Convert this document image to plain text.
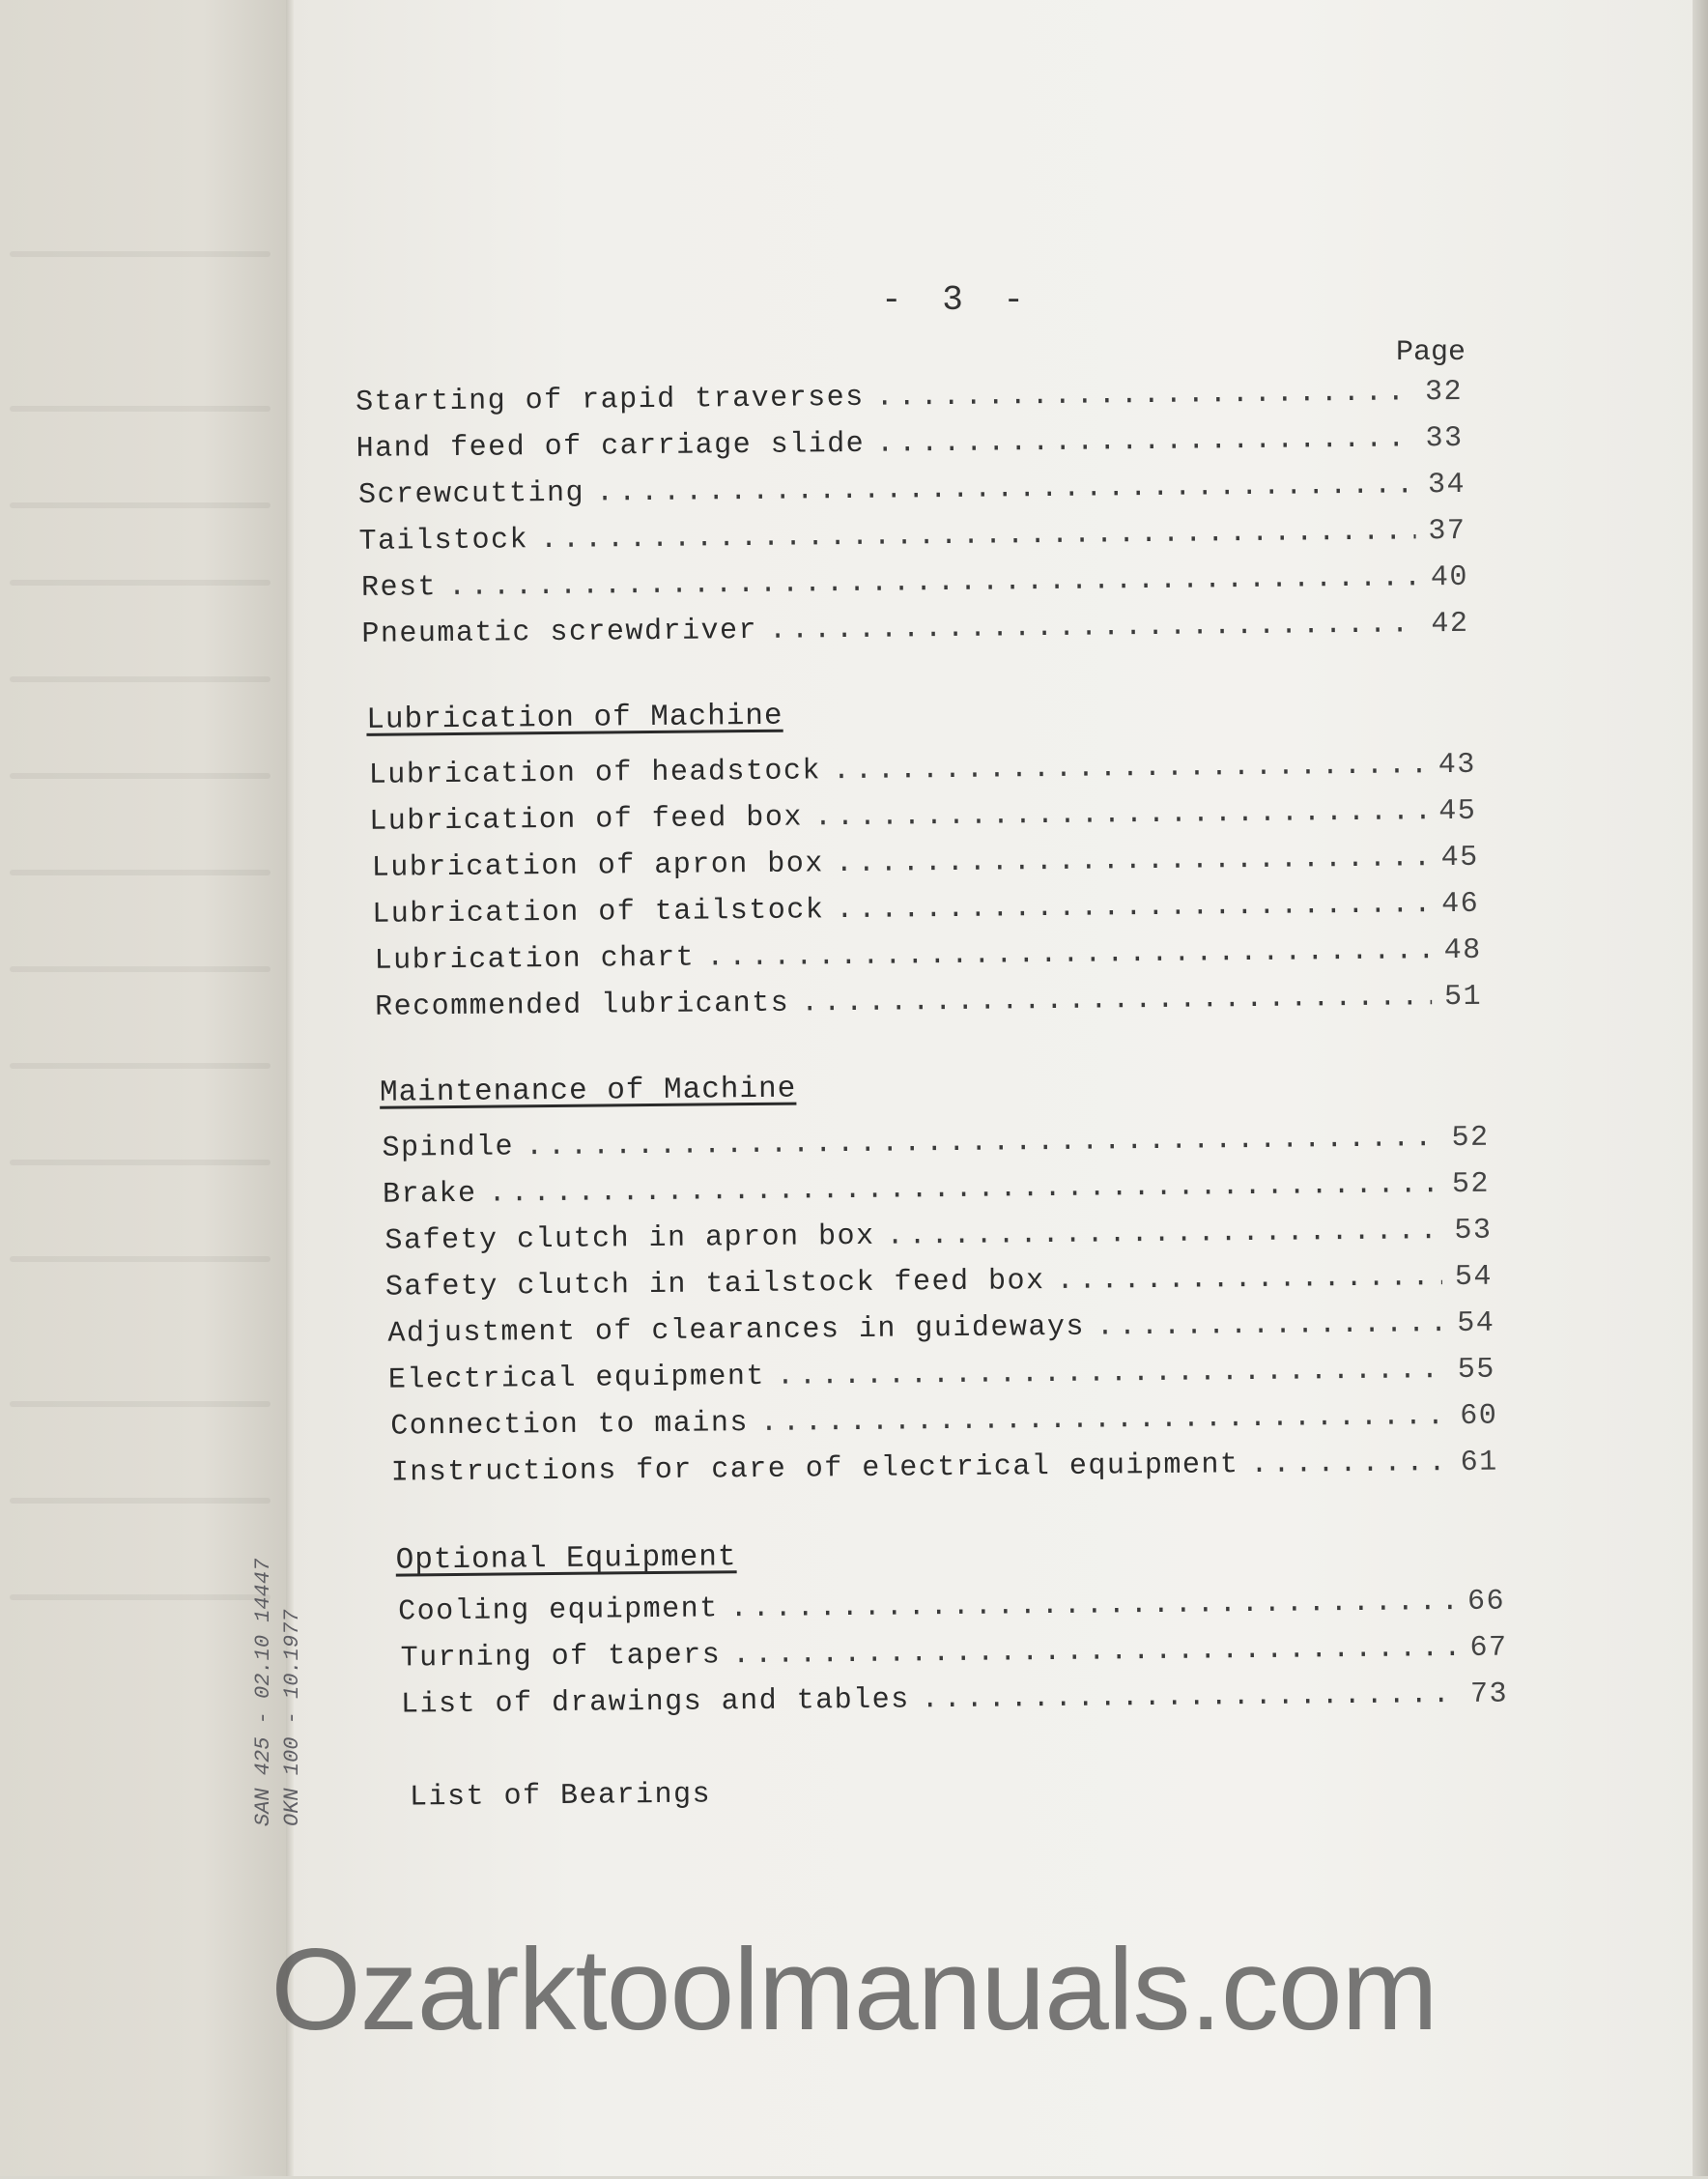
- 3 -
Page
Starting of rapid traverses .....	32
Hand feed of carriage slide .....	33
Screwcutting .....	34
Tailstock .....	37
Rest .....	40
Pneumatic screwdriver .....	42
Lubrication of Machine
Lubrication of headstock .....	43
Lubrication of feed box .....	45
Lubrication of apron box .....	45
Lubrication of tailstock .....	46
Lubrication chart .....	48
Recommended lubricants .....	51
Maintenance of Machine
Spindle .....	52
Brake .....	52
Safety clutch in apron box .....	53
Safety clutch in tailstock feed box .....	54
Adjustment of clearances in guideways .....	54
Electrical equipment .....	55
Connection to mains .....	60
Instructions for care of electrical equipment .....	61
Optional Equipment
Cooling equipment .....	66
Turning of tapers .....	67
List of drawings and tables .....	73
List of Bearings
SAN 425 - 02.10 14447 OKN 100 - 10.1977
Ozarktoolmanuals.com
